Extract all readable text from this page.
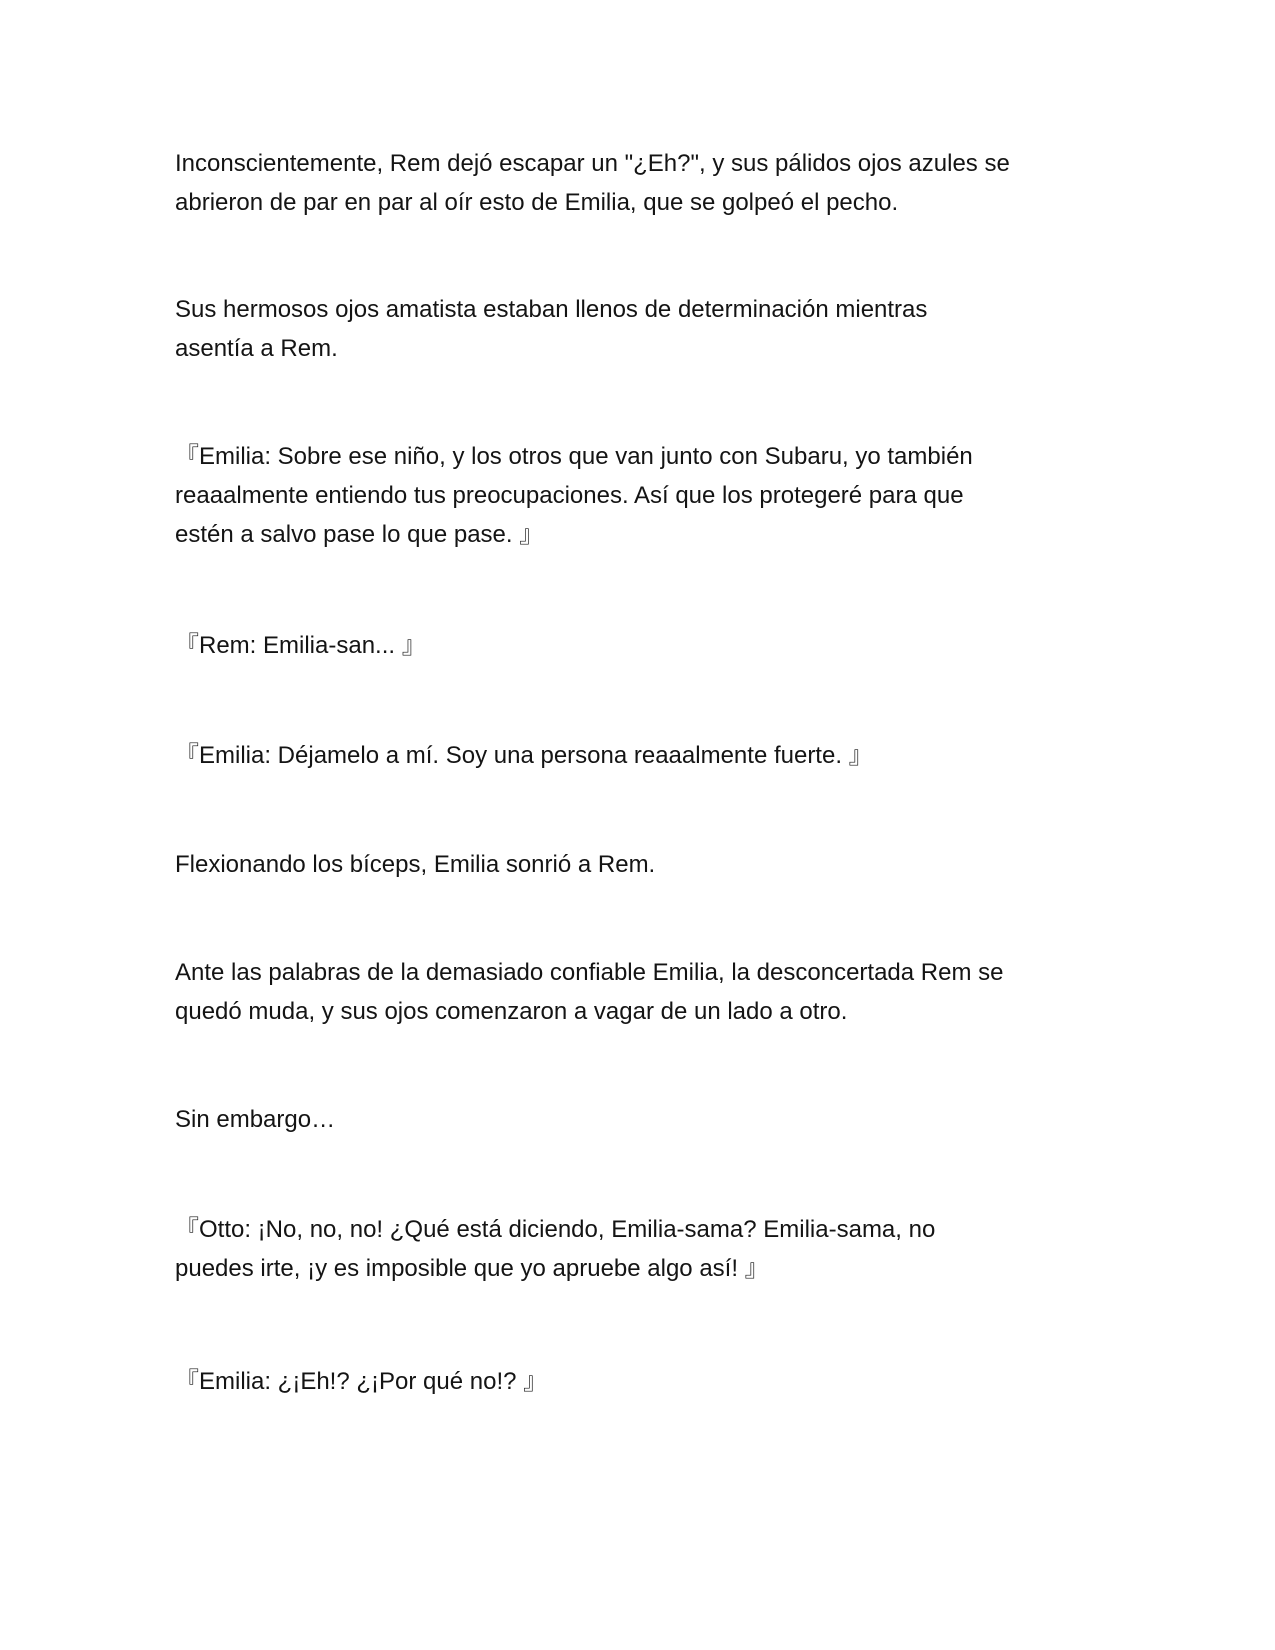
Inconscientemente, Rem dejó escapar un "¿Eh?", y sus pálidos ojos azules se
abrieron de par en par al oír esto de Emilia, que se golpeó el pecho.

Sus hermosos ojos amatista estaban llenos de determinación mientras
asentía a Rem.

『Emilia: Sobre ese niño, y los otros que van junto con Subaru, yo también
reaaalmente entiendo tus preocupaciones. Así que los protegeré para que
estén a salvo pase lo que pase. 』

『Rem: Emilia-san... 』

『Emilia: Déjamelo a mí. Soy una persona reaaalmente fuerte. 』

Flexionando los bíceps, Emilia sonrió a Rem.

Ante las palabras de la demasiado confiable Emilia, la desconcertada Rem se
quedó muda, y sus ojos comenzaron a vagar de un lado a otro.

Sin embargo…

『Otto: ¡No, no, no! ¿Qué está diciendo, Emilia-sama? Emilia-sama, no
puedes irte, ¡y es imposible que yo apruebe algo así! 』

『Emilia: ¿¡Eh!? ¿¡Por qué no!? 』
